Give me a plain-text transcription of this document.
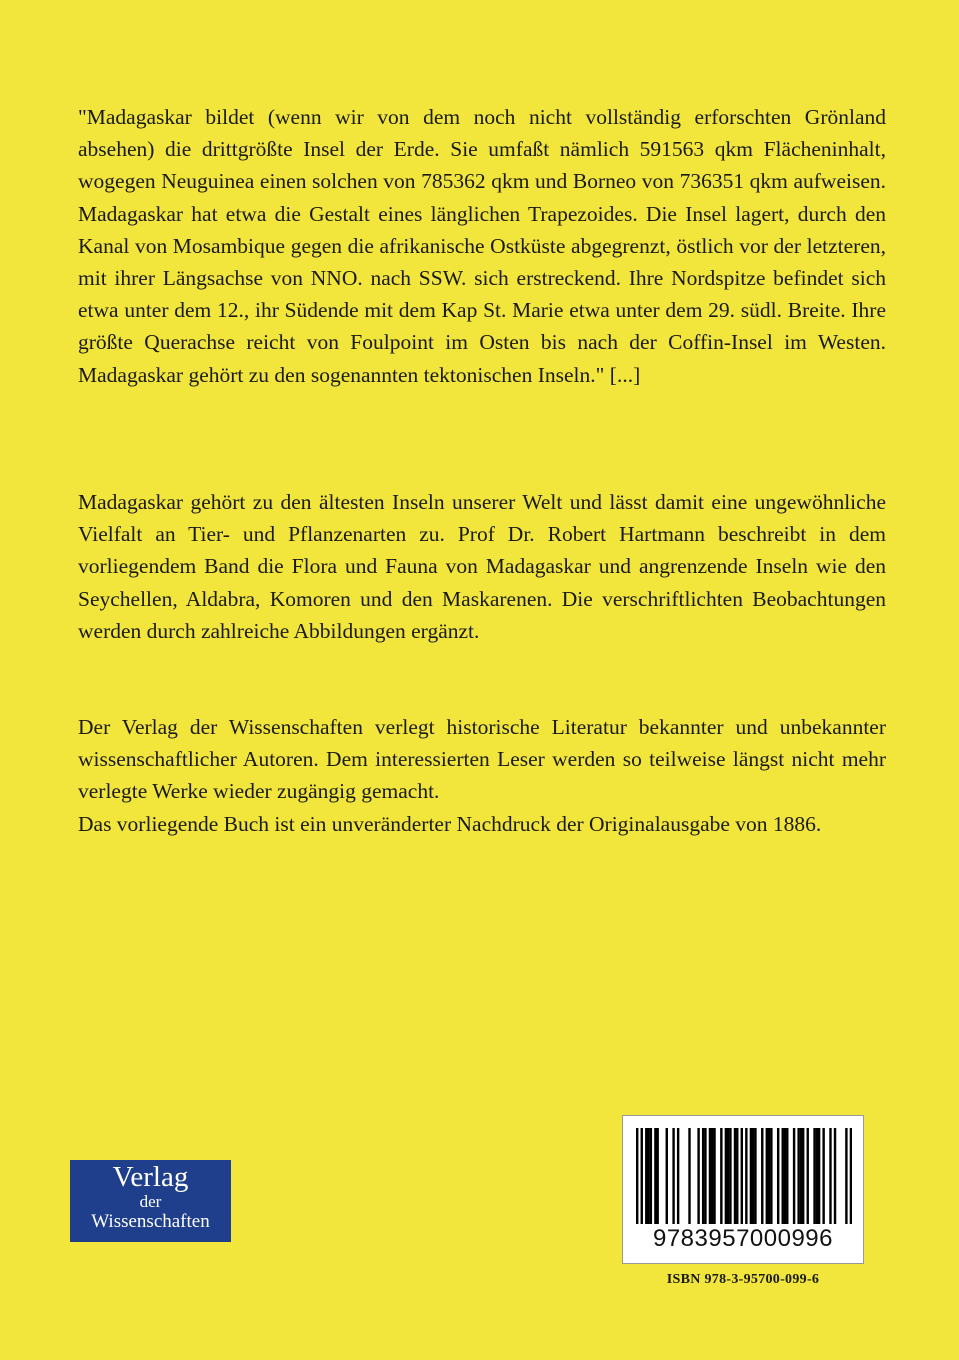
"Madagaskar bildet (wenn wir von dem noch nicht vollständig erforschten Grönland absehen) die drittgrößte Insel der Erde. Sie umfaßt nämlich 591563 qkm Flächeninhalt, wogegen Neuguinea einen solchen von 785362 qkm und Borneo von 736351 qkm aufweisen. Madagaskar hat etwa die Gestalt eines länglichen Trapezoides. Die Insel lagert, durch den Kanal von Mosambique gegen die afrikanische Ostküste abgegrenzt, östlich vor der letzteren, mit ihrer Längsachse von NNO. nach SSW. sich erstreckend. Ihre Nordspitze befindet sich etwa unter dem 12., ihr Südende mit dem Kap St. Marie etwa unter dem 29. südl. Breite. Ihre größte Querachse reicht von Foulpoint im Osten bis nach der Coffin-Insel im Westen. Madagaskar gehört zu den sogenannten tektonischen Inseln." [...]

Madagaskar gehört zu den ältesten Inseln unserer Welt und lässt damit eine ungewöhnliche Vielfalt an Tier- und Pflanzenarten zu. Prof Dr. Robert Hartmann beschreibt in dem vorliegendem Band die Flora und Fauna von Madagaskar und angrenzende Inseln wie den Seychellen, Aldabra, Komoren und den Maskarenen. Die verschriftlichten Beobachtungen werden durch zahlreiche Abbildungen ergänzt.

Der Verlag der Wissenschaften verlegt historische Literatur bekannter und unbekannter wissenschaftlicher Autoren. Dem interessierten Leser werden so teilweise längst nicht mehr verlegte Werke wieder zugängig gemacht.

Das vorliegende Buch ist ein unveränderter Nachdruck der Originalausgabe von 1886.

Verlag
der
Wissenschaften
9783957000996
ISBN 978-3-95700-099-6
